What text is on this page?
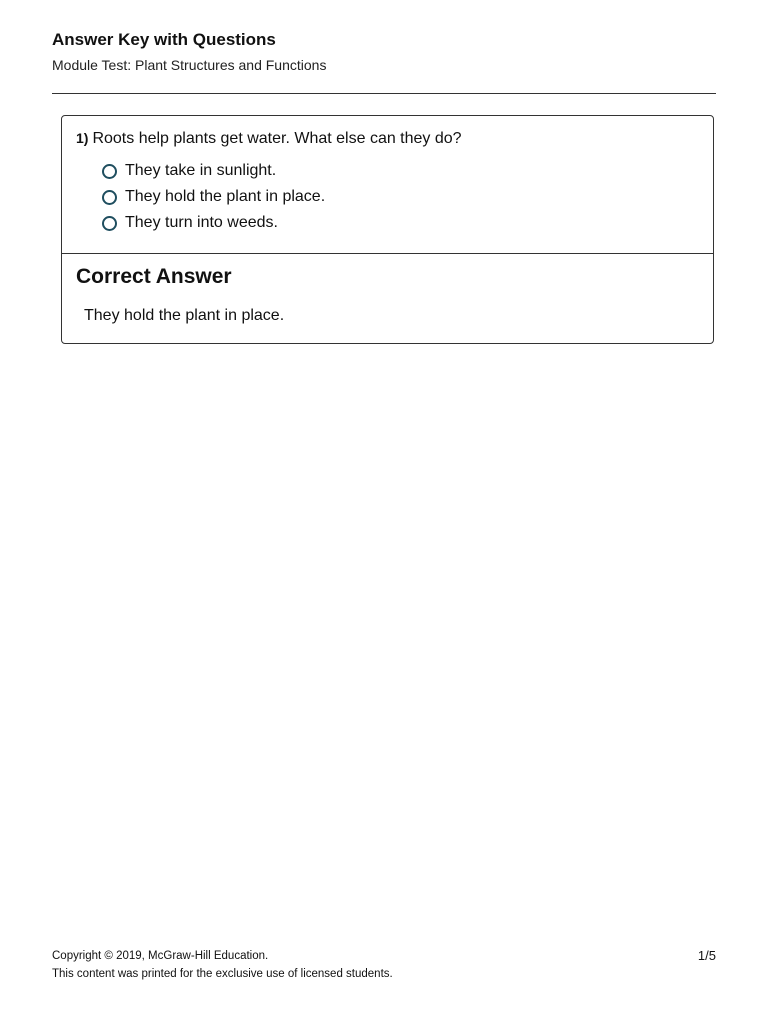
Answer Key with Questions
Module Test: Plant Structures and Functions
1) Roots help plants get water. What else can they do?
They take in sunlight.
They hold the plant in place.
They turn into weeds.
Correct Answer
They hold the plant in place.
Copyright © 2019, McGraw-Hill Education.
This content was printed for the exclusive use of licensed students.
1/5
